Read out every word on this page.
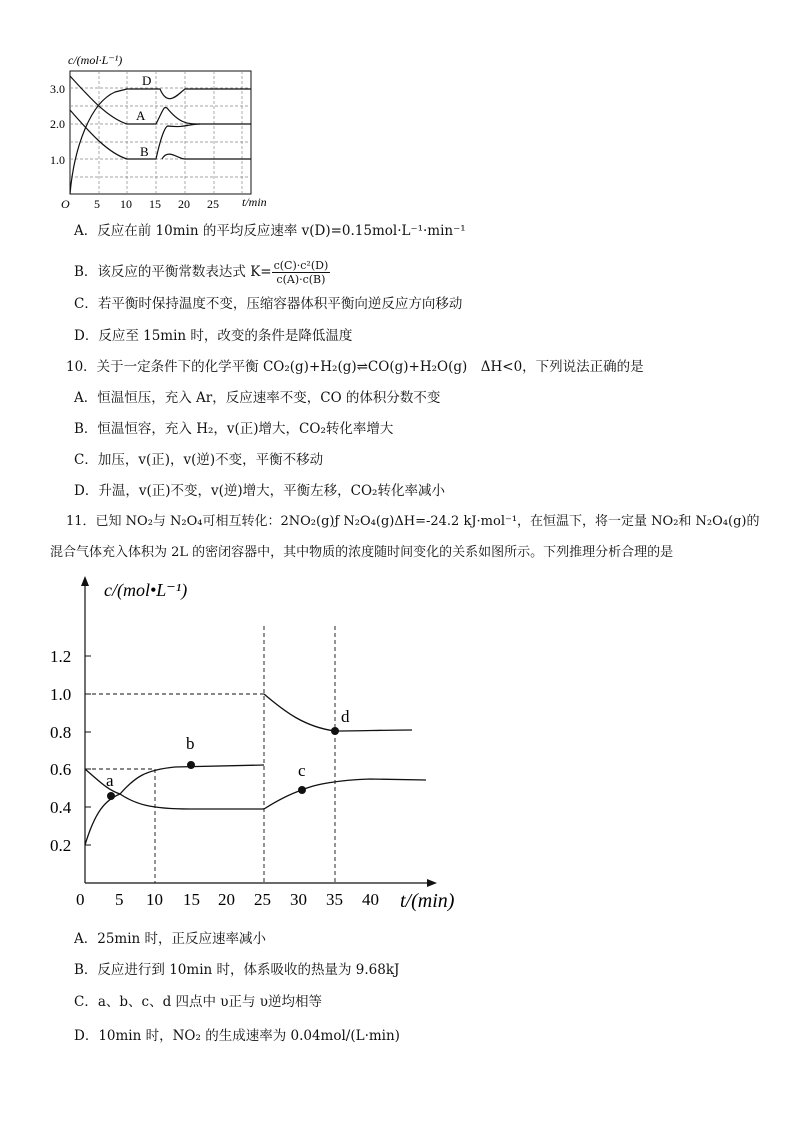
c/(mol·L⁻¹)
D
A
B
3.0
2.0
1.0
O 5 10 15 20 25 t/min
A．反应在前 10min 的平均反应速率 v(D)=0.15mol·L⁻¹·min⁻¹
B．该反应的平衡常数表达式 $K= \frac{\text{c(C)·c²(D)}}{c(A)\cdot c(B)}$
C．若平衡时保持温度不变，压缩容器体积平衡向逆反应方向移动
D．反应至 15min 时，改变的条件是降低温度
10．关于一定条件下的化学平衡 CO₂(g)+H₂(g)⇌CO(g)+H₂O(g)　ΔH<0，下列说法正确的是
A．恒温恒压，充入 Ar，反应速率不变，CO 的体积分数不变
B．恒温恒容，充入 H₂，v(正)增大，CO₂转化率增大
C．加压，v(正)，v(逆)不变，平衡不移动
D．升温，v(正)不变，v(逆)增大，平衡左移，CO₂转化率减小
11．已知 NO₂与 N₂O₄可相互转化：2NO₂(g)ƒ N₂O₄(g)ΔH=-24.2 kJ·mol⁻¹，在恒温下，将一定量 NO₂和 N₂O₄(g)的
混合气体充入体积为 2L 的密闭容器中，其中物质的浓度随时间变化的关系如图所示。下列推理分析合理的是
a
b
c
d
c/(mol•L⁻¹)
1.2
1.0
0.8
0.6
0.4
0.2
0 5 10 15 20 25 30 35 40 t/(min)
A．25min 时，正反应速率减小
B．反应进行到 10min 时，体系吸收的热量为 9.68kJ
C．a、b、c、d 四点中 υ正与 υ逆均相等
D．10min 时，NO₂ 的生成速率为 0.04mol/(L·min)
